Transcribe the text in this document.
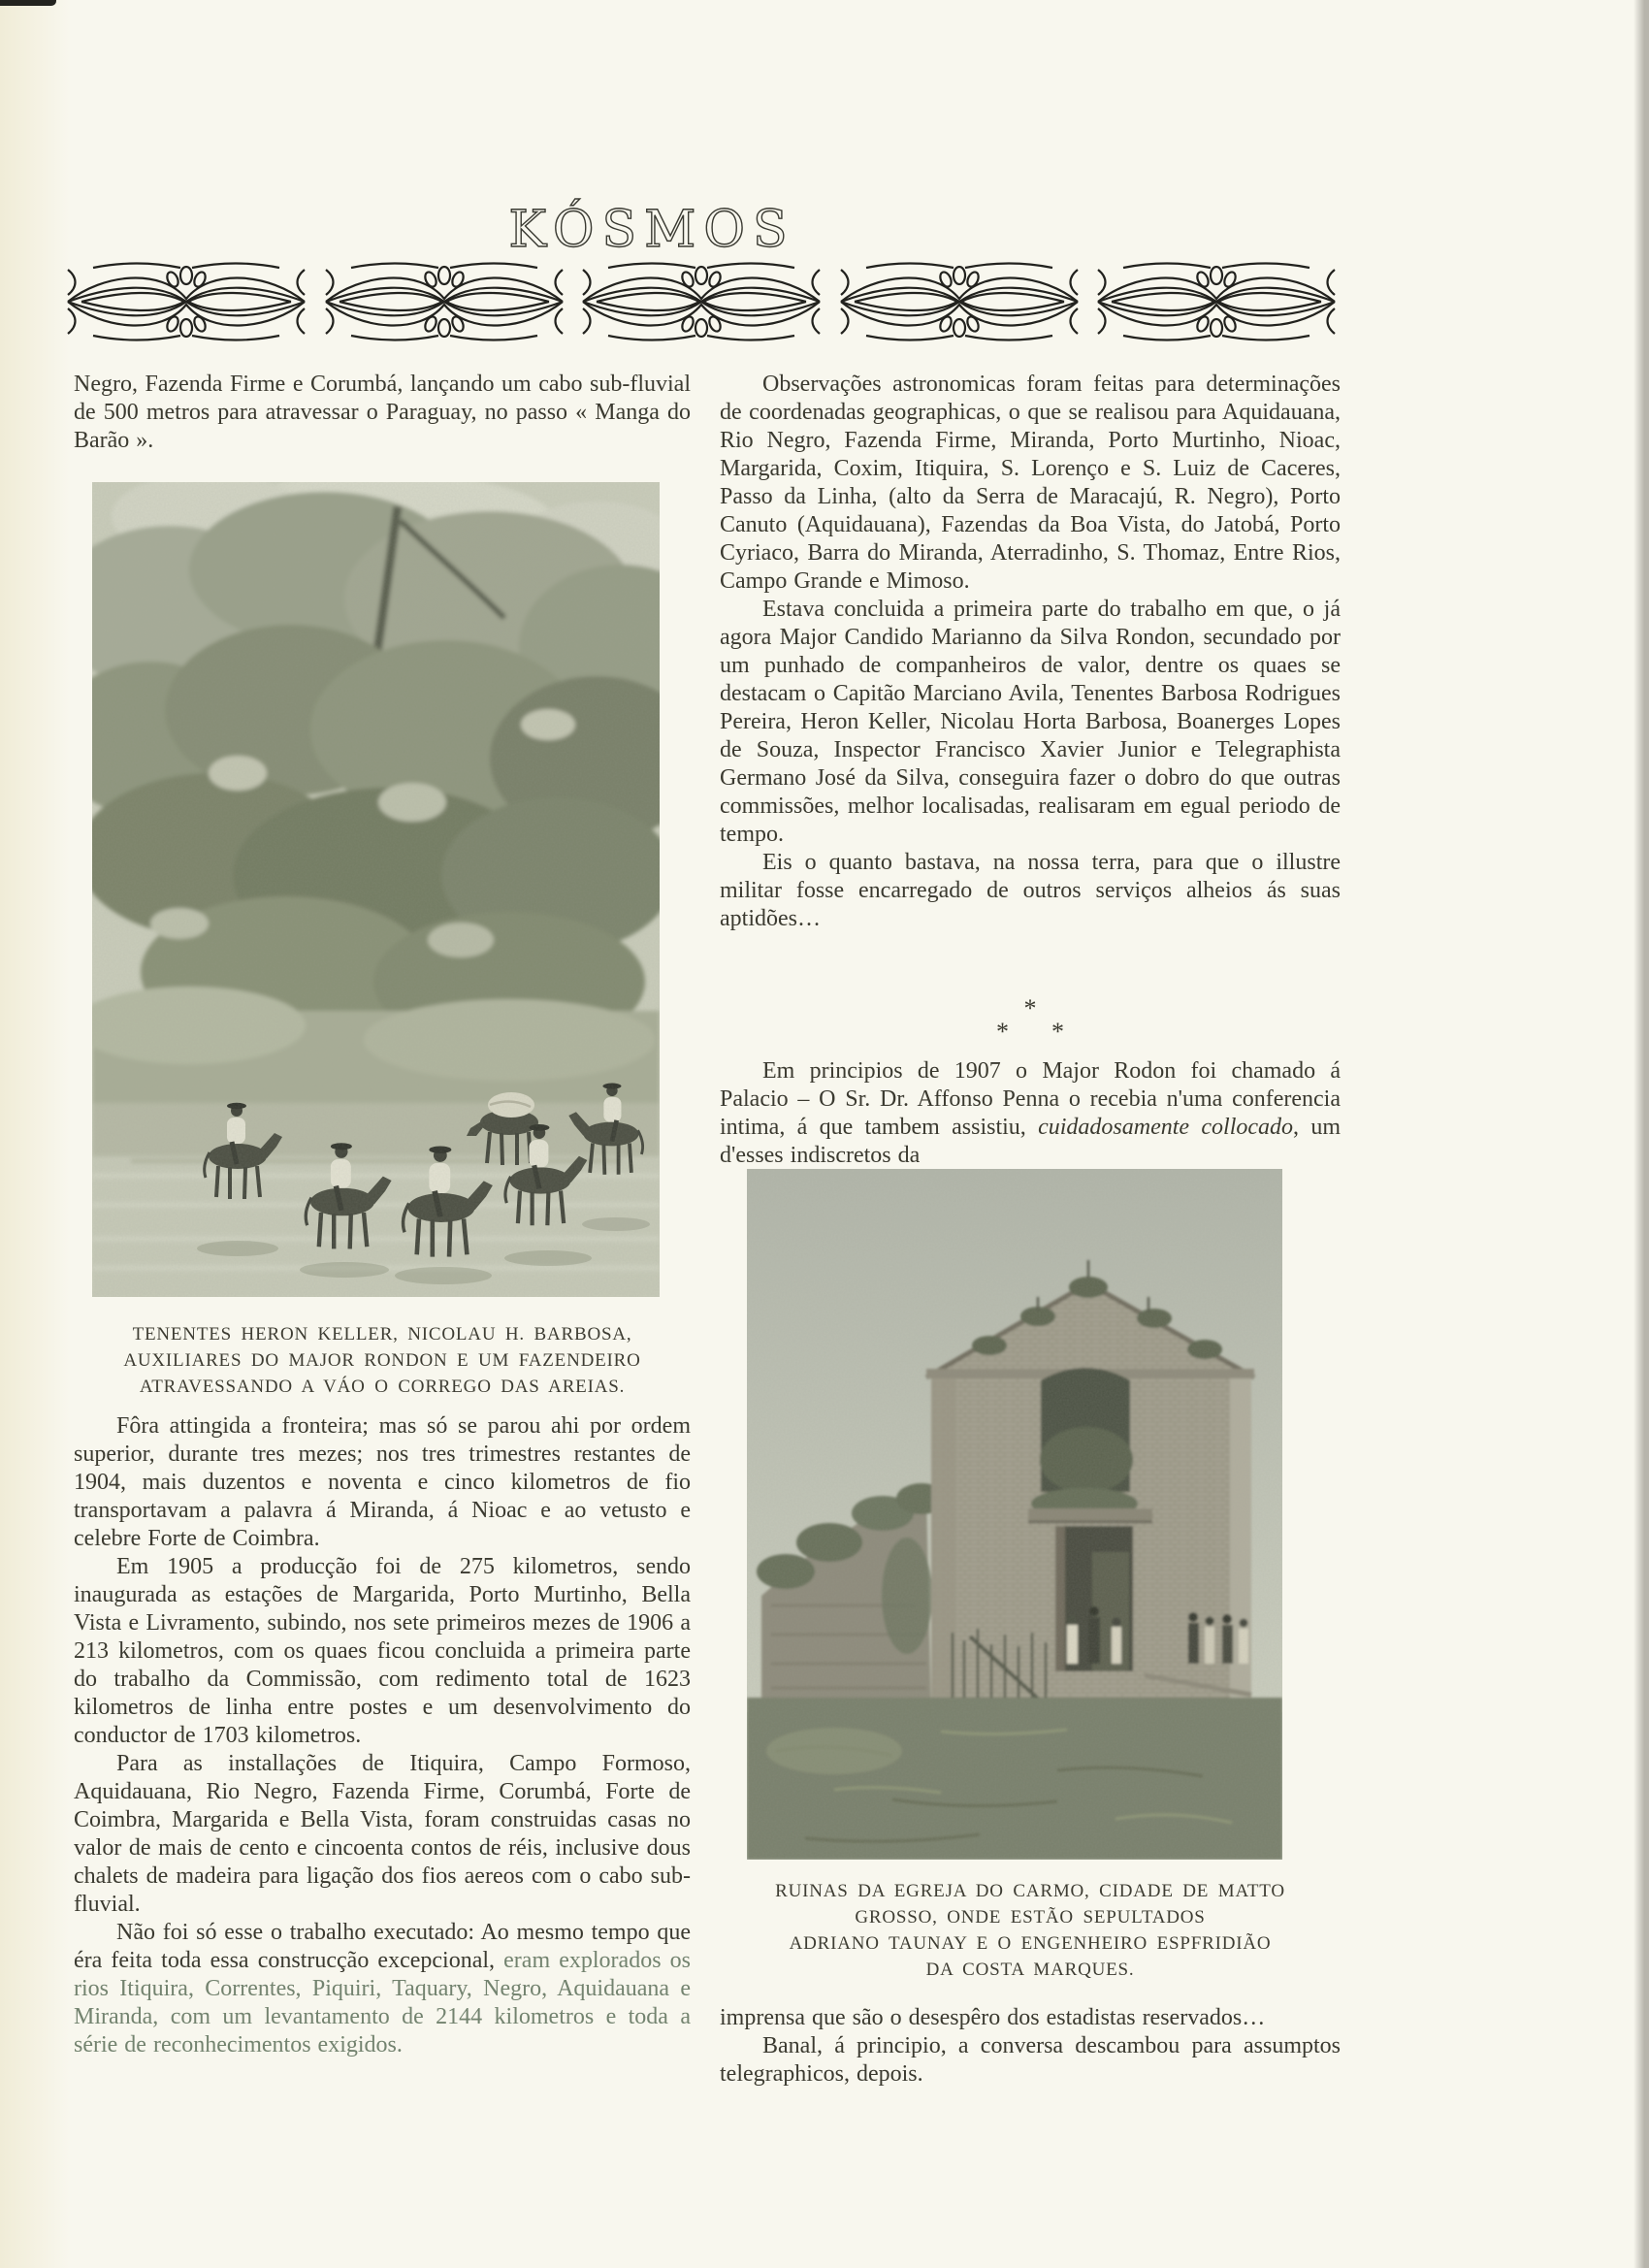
KÓSMOS

Negro, Fazenda Firme e Corumbá, lançando um cabo sub-fluvial de 500 metros para atravessar o Paraguay, no passo « Manga do Barão ».

TENENTES HERON KELLER, NICOLAU H. BARBOSA,
AUXILIARES DO MAJOR RONDON E UM FAZENDEIRO
ATRAVESSANDO A VÁO O CORREGO DAS AREIAS.

Fôra attingida a fronteira; mas só se parou ahi por ordem superior, durante tres mezes; nos tres trimestres restantes de 1904, mais duzentos e noventa e cinco kilometros de fio transportavam a palavra á Miranda, á Nioac e ao vetusto e celebre Forte de Coimbra.

Em 1905 a producção foi de 275 kilometros, sendo inaugurada as estações de Margarida, Porto Murtinho, Bella Vista e Livramento, subindo, nos sete primeiros mezes de 1906 a 213 kilometros, com os quaes ficou concluida a primeira parte do trabalho da Commissão, com redimento total de 1623 kilometros de linha entre postes e um desenvolvimento do conductor de 1703 kilometros.

Para as installações de Itiquira, Campo Formoso, Aquidauana, Rio Negro, Fazenda Firme, Corumbá, Forte de Coimbra, Margarida e Bella Vista, foram construidas casas no valor de mais de cento e cincoenta contos de réis, inclusive dous chalets de madeira para ligação dos fios aereos com o cabo sub-fluvial.

Não foi só esse o trabalho executado: Ao mesmo tempo que éra feita toda essa construcção excepcional, eram explorados os rios Itiquira, Correntes, Piquiri, Taquary, Negro, Aquidauana e Miranda, com um levantamento de 2144 kilometros e toda a série de reconhecimentos exigidos.

Observações astronomicas foram feitas para determinações de coordenadas geographicas, o que se realisou para Aquidauana, Rio Negro, Fazenda Firme, Miranda, Porto Murtinho, Nioac, Margarida, Coxim, Itiquira, S. Lorenço e S. Luiz de Caceres, Passo da Linha, (alto da Serra de Maracajú, R. Negro), Porto Canuto (Aquidauana), Fazendas da Boa Vista, do Jatobá, Porto Cyriaco, Barra do Miranda, Aterradinho, S. Thomaz, Entre Rios, Campo Grande e Mimoso.

Estava concluida a primeira parte do trabalho em que, o já agora Major Candido Marianno da Silva Rondon, secundado por um punhado de companheiros de valor, dentre os quaes se destacam o Capitão Marciano Avila, Tenentes Barbosa Rodrigues Pereira, Heron Keller, Nicolau Horta Barbosa, Boanerges Lopes de Souza, Inspector Francisco Xavier Junior e Telegraphista Germano José da Silva, conseguira fazer o dobro do que outras commissões, melhor localisadas, realisaram em egual periodo de tempo.

Eis o quanto bastava, na nossa terra, para que o illustre militar fosse encarregado de outros serviços alheios ás suas aptidões…

*
* *

Em principios de 1907 o Major Rodon foi chamado á Palacio – O Sr. Dr. Affonso Penna o recebia n'uma conferencia intima, á que tambem assistiu, cuidadosamente collocado, um d'esses indiscretos da

RUINAS DA EGREJA DO CARMO, CIDADE DE MATTO
GROSSO, ONDE ESTÃO SEPULTADOS
ADRIANO TAUNAY E O ENGENHEIRO ESPFRIDIÃO
DA COSTA MARQUES.

imprensa que são o desespêro dos estadistas reservados…

Banal, á principio, a conversa descambou para assumptos telegraphicos, depois.
